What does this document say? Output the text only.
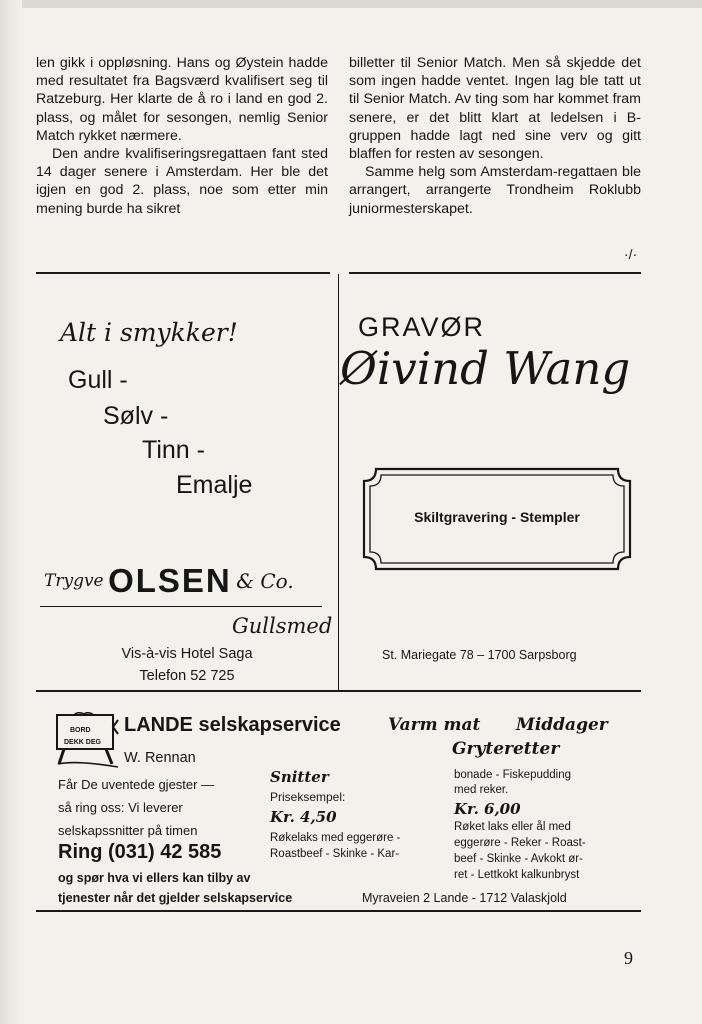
len gikk i oppløsning. Hans og Øystein hadde med resultatet fra Bagsværd kvalifisert seg til Ratzeburg. Her klarte de å ro i land en god 2. plass, og målet for sesongen, nemlig Senior Match rykket nærmere.

Den andre kvalifiseringsregattaen fant sted 14 dager senere i Amsterdam. Her ble det igjen en god 2. plass, noe som etter min mening burde ha sikret

billetter til Senior Match. Men så skjedde det som ingen hadde ventet. Ingen lag ble tatt ut til Senior Match. Av ting som har kommet fram senere, er det blitt klart at ledelsen i B-gruppen hadde lagt ned sine verv og gitt blaffen for resten av sesongen.

Samme helg som Amsterdam-regattaen ble arrangert, arrangerte Trondheim Roklubb juniormesterskapet.

·/·
Alt i smykker!
Gull -
Sølv -
Tinn -
Emalje
Trygve OLSEN & Co.
Gullsmed
Vis-à-vis Hotel Saga
Telefon 52 725
GRAVØR
Øivind Wang
Skiltgravering - Stempler
St. Mariegate 78 – 1700 Sarpsborg
BORD
DEKK DEG
LANDE selskapservice
W. Rennan
Får De uventede gjester —
så ring oss: Vi leverer
selskapssnitter på timen
Ring (031) 42 585
og spør hva vi ellers kan tilby av
tjenester når det gjelder selskapservice
Snitter
Priseksempel:
Kr. 4,50
Røkelaks med eggerøre -
Roastbeef - Skinke - Kar-
Varm mat Middager
Gryteretter
bonade - Fiskepudding
med reker.
Kr. 6,00
Røket laks eller ål med
eggerøre - Reker - Roast-
beef - Skinke - Avkokt ør-
ret - Lettkokt kalkunbryst
Myraveien 2 Lande - 1712 Valaskjold
9
